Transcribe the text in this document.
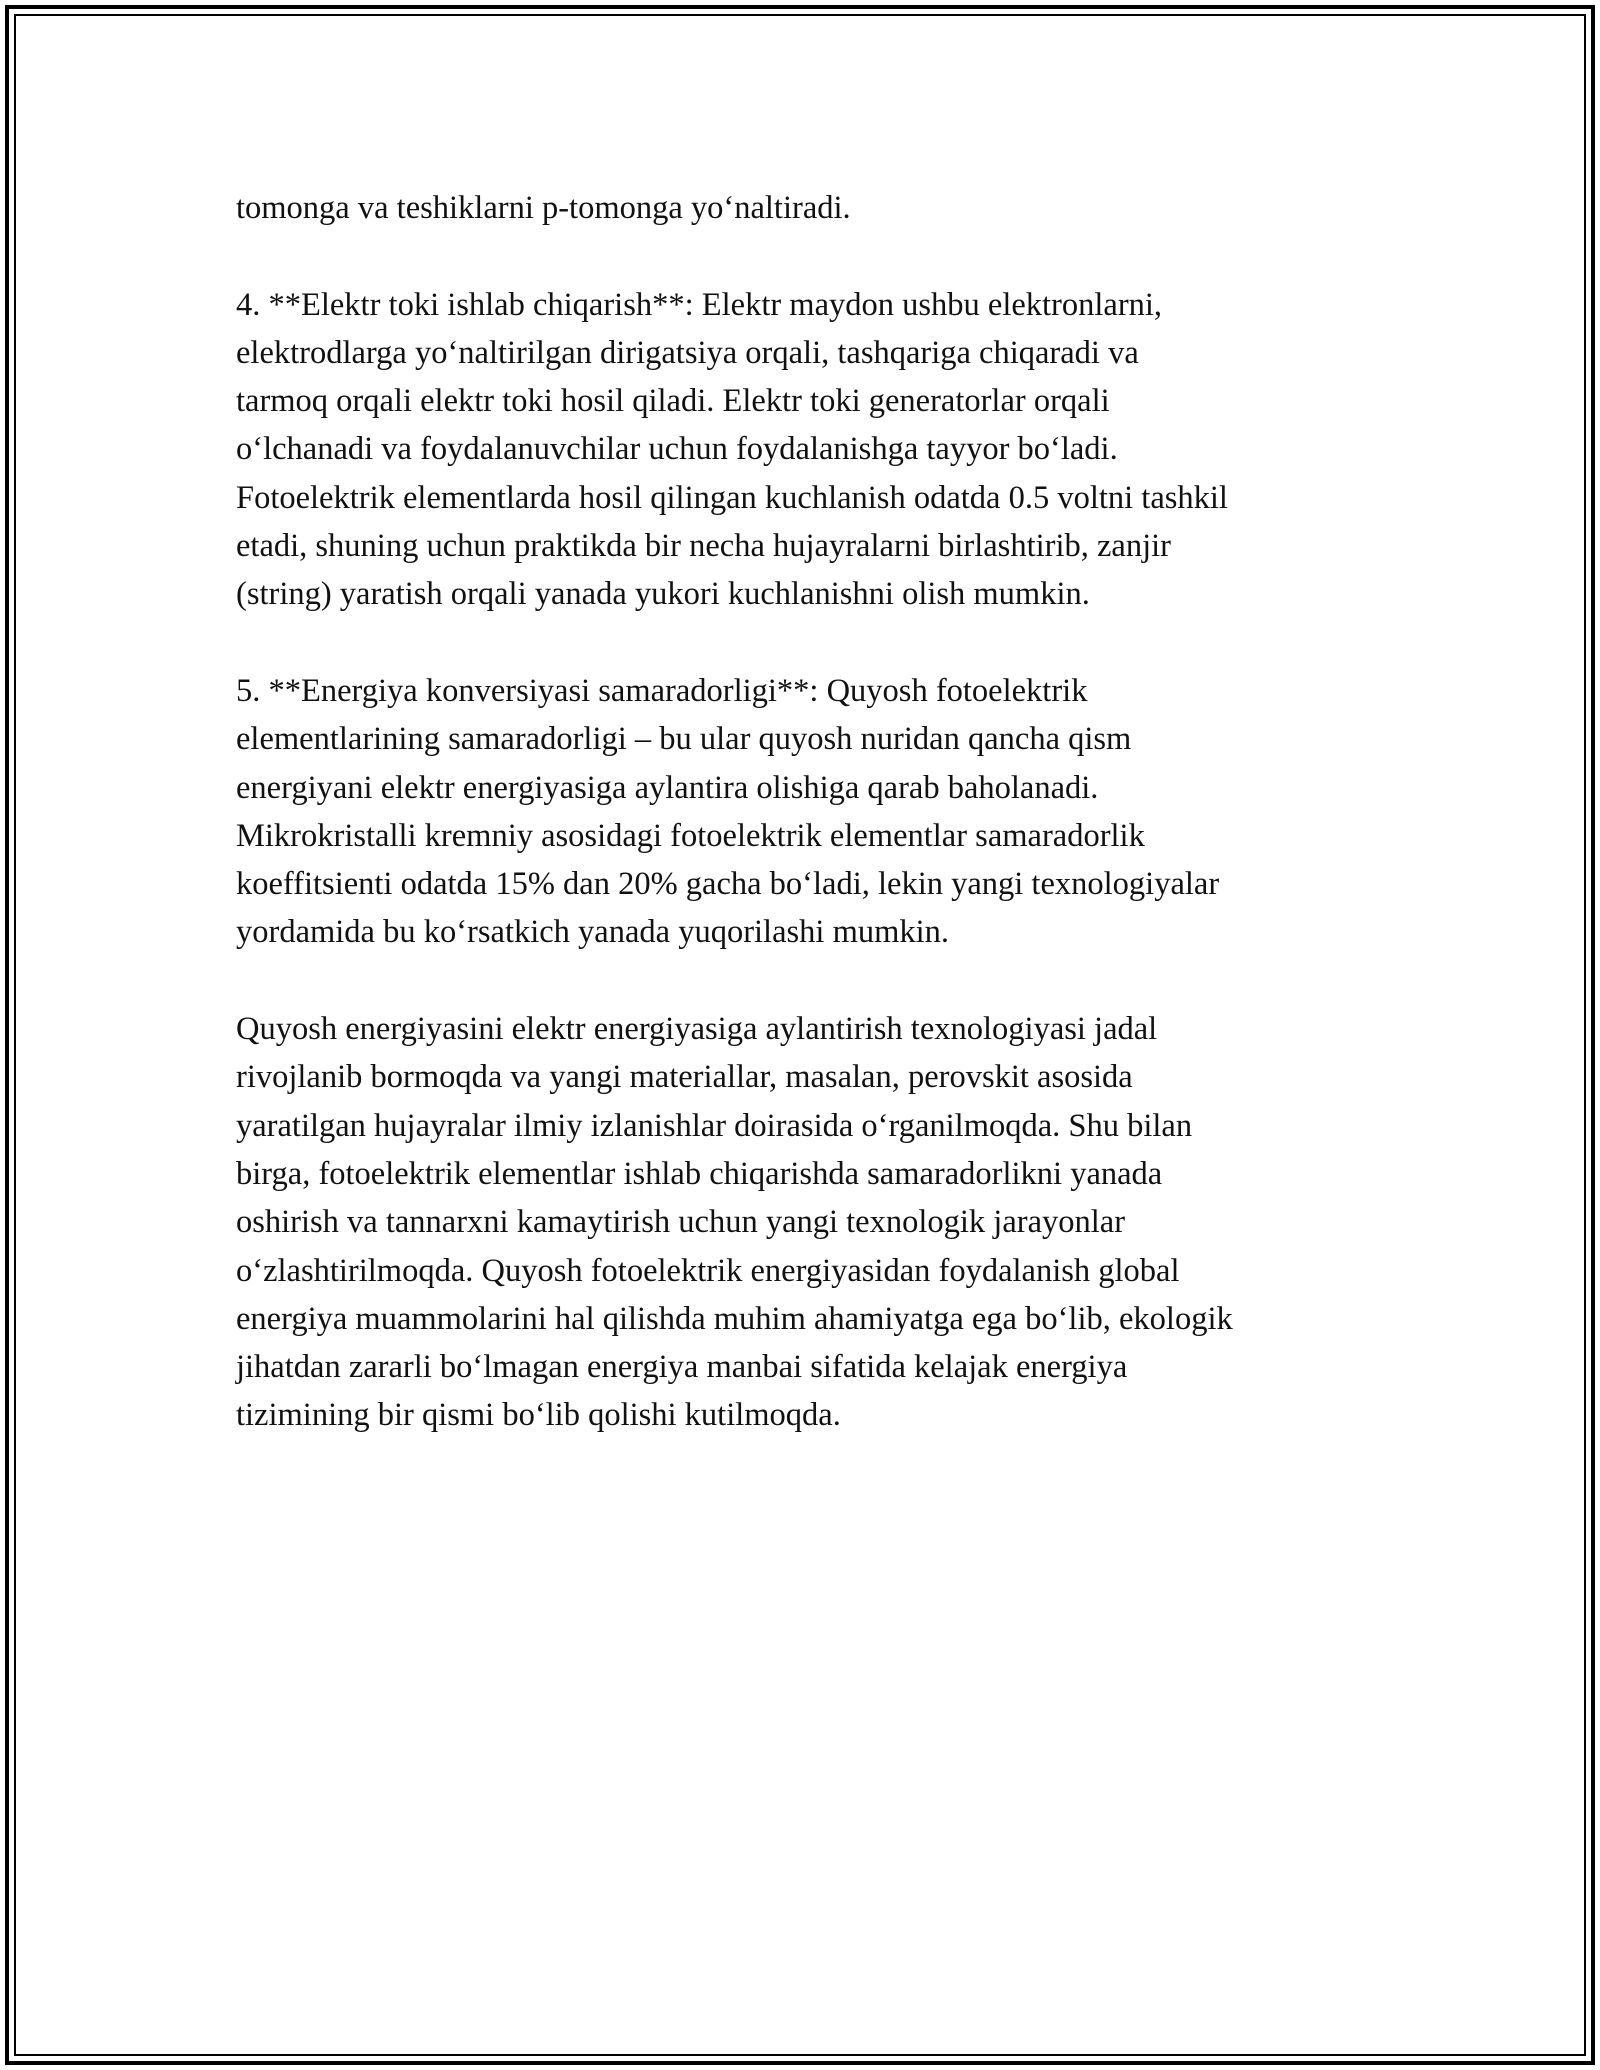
tomonga va teshiklarni p-tomonga yo‘naltiradi.

4. **Elektr toki ishlab chiqarish**: Elektr maydon ushbu elektronlarni,
elektrodlarga yo‘naltirilgan dirigatsiya orqali, tashqariga chiqaradi va
tarmoq orqali elektr toki hosil qiladi. Elektr toki generatorlar orqali
o‘lchanadi va foydalanuvchilar uchun foydalanishga tayyor bo‘ladi.
Fotoelektrik elementlarda hosil qilingan kuchlanish odatda 0.5 voltni tashkil
etadi, shuning uchun praktikda bir necha hujayralarni birlashtirib, zanjir
(string) yaratish orqali yanada yukori kuchlanishni olish mumkin.

5. **Energiya konversiyasi samaradorligi**: Quyosh fotoelektrik
elementlarining samaradorligi – bu ular quyosh nuridan qancha qism
energiyani elektr energiyasiga aylantira olishiga qarab baholanadi.
Mikrokristalli kremniy asosidagi fotoelektrik elementlar samaradorlik
koeffitsienti odatda 15% dan 20% gacha bo‘ladi, lekin yangi texnologiyalar
yordamida bu ko‘rsatkich yanada yuqorilashi mumkin.

Quyosh energiyasini elektr energiyasiga aylantirish texnologiyasi jadal
rivojlanib bormoqda va yangi materiallar, masalan, perovskit asosida
yaratilgan hujayralar ilmiy izlanishlar doirasida o‘rganilmoqda. Shu bilan
birga, fotoelektrik elementlar ishlab chiqarishda samaradorlikni yanada
oshirish va tannarxni kamaytirish uchun yangi texnologik jarayonlar
o‘zlashtirilmoqda. Quyosh fotoelektrik energiyasidan foydalanish global
energiya muammolarini hal qilishda muhim ahamiyatga ega bo‘lib, ekologik
jihatdan zararli bo‘lmagan energiya manbai sifatida kelajak energiya
tizimining bir qismi bo‘lib qolishi kutilmoqda.
